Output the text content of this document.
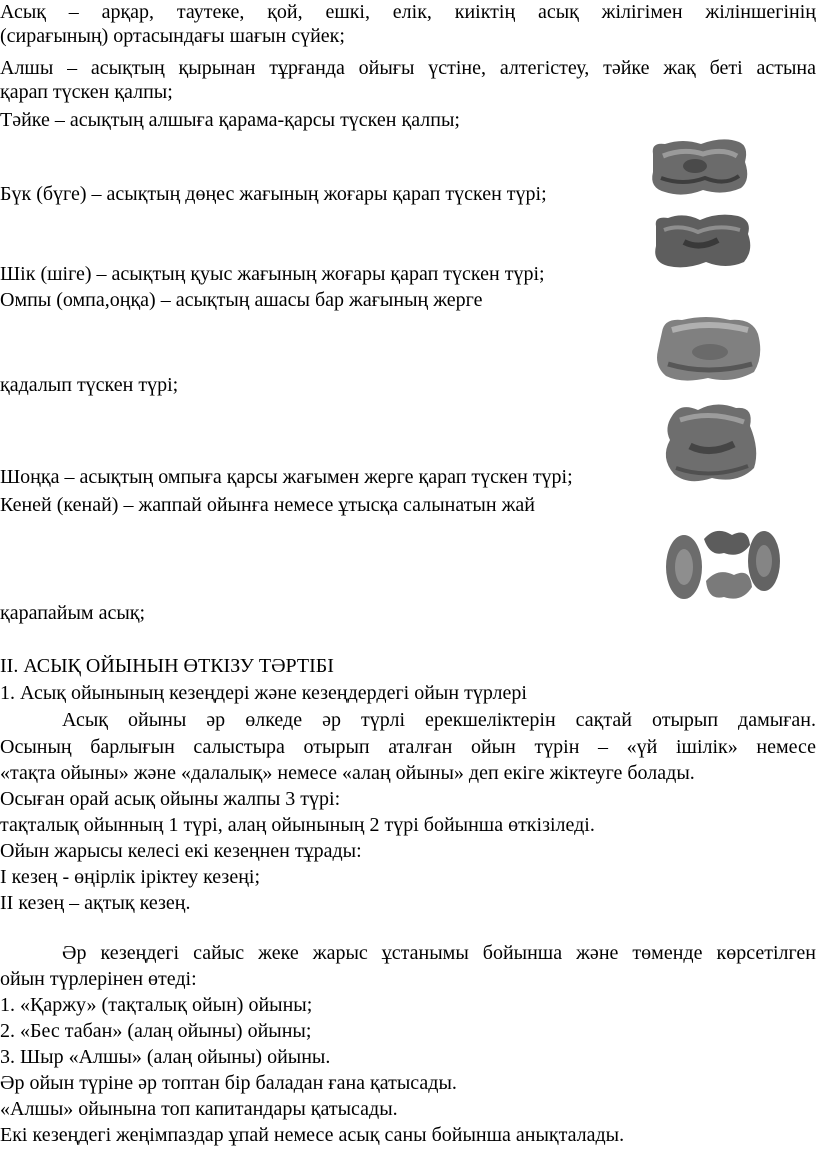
Асық – арқар, таутеке, қой, ешкі, елік, киіктің асық жілігімен жіліншегінің
(сирағының) ортасындағы шағын сүйек;
Алшы – асықтың қырынан тұрғанда ойығы үстіне, алтегістеу, тәйке жақ беті астына
қарап түскен қалпы;
Тәйке – асықтың алшыға қарама-қарсы түскен қалпы;
Бүк (бүге) – асықтың дөңес жағының жоғары қарап түскен түрі;
Шік (шіге) – асықтың қуыс жағының жоғары қарап түскен түрі;
Омпы (омпа,оңқа) – асықтың ашасы бар жағының жерге
қадалып түскен түрі;
Шоңқа – асықтың омпыға қарсы жағымен жерге қарап түскен түрі;
Кеней (кенай) – жаппай ойынға немесе ұтысқа салынатын жай
қарапайым асық;
ІІ. АСЫҚ ОЙЫНЫН ӨТКІЗУ ТӘРТІБІ
1. Асық ойынының кезеңдері және кезеңдердегі ойын түрлері
Асық ойыны әр өлкеде әр түрлі ерекшеліктерін сақтай отырып дамыған.
Осының барлығын салыстыра отырып аталған ойын түрін – «үй ішілік» немесе
«тақта ойыны» және «далалық» немесе «алаң ойыны» деп екіге жіктеуге болады.
Осыған орай асық ойыны жалпы 3 түрі:
тақталық ойынның 1 түрі, алаң ойынының 2 түрі бойынша өткізіледі.
Ойын жарысы келесі екі кезеңнен тұрады:
І кезең - өңірлік іріктеу кезеңі;
ІІ кезең – ақтық кезең.
Әр кезеңдегі сайыс жеке жарыс ұстанымы бойынша және төменде көрсетілген
ойын түрлерінен өтеді:
1. «Қаржу» (тақталық ойын) ойыны;
2. «Бес табан» (алаң ойыны) ойыны;
3. Шыр «Алшы» (алаң ойыны) ойыны.
Әр ойын түріне әр топтан бір баладан ғана қатысады.
«Алшы» ойынына топ капитандары қатысады.
Екі кезеңдегі жеңімпаздар ұпай немесе асық саны бойынша анықталады.
